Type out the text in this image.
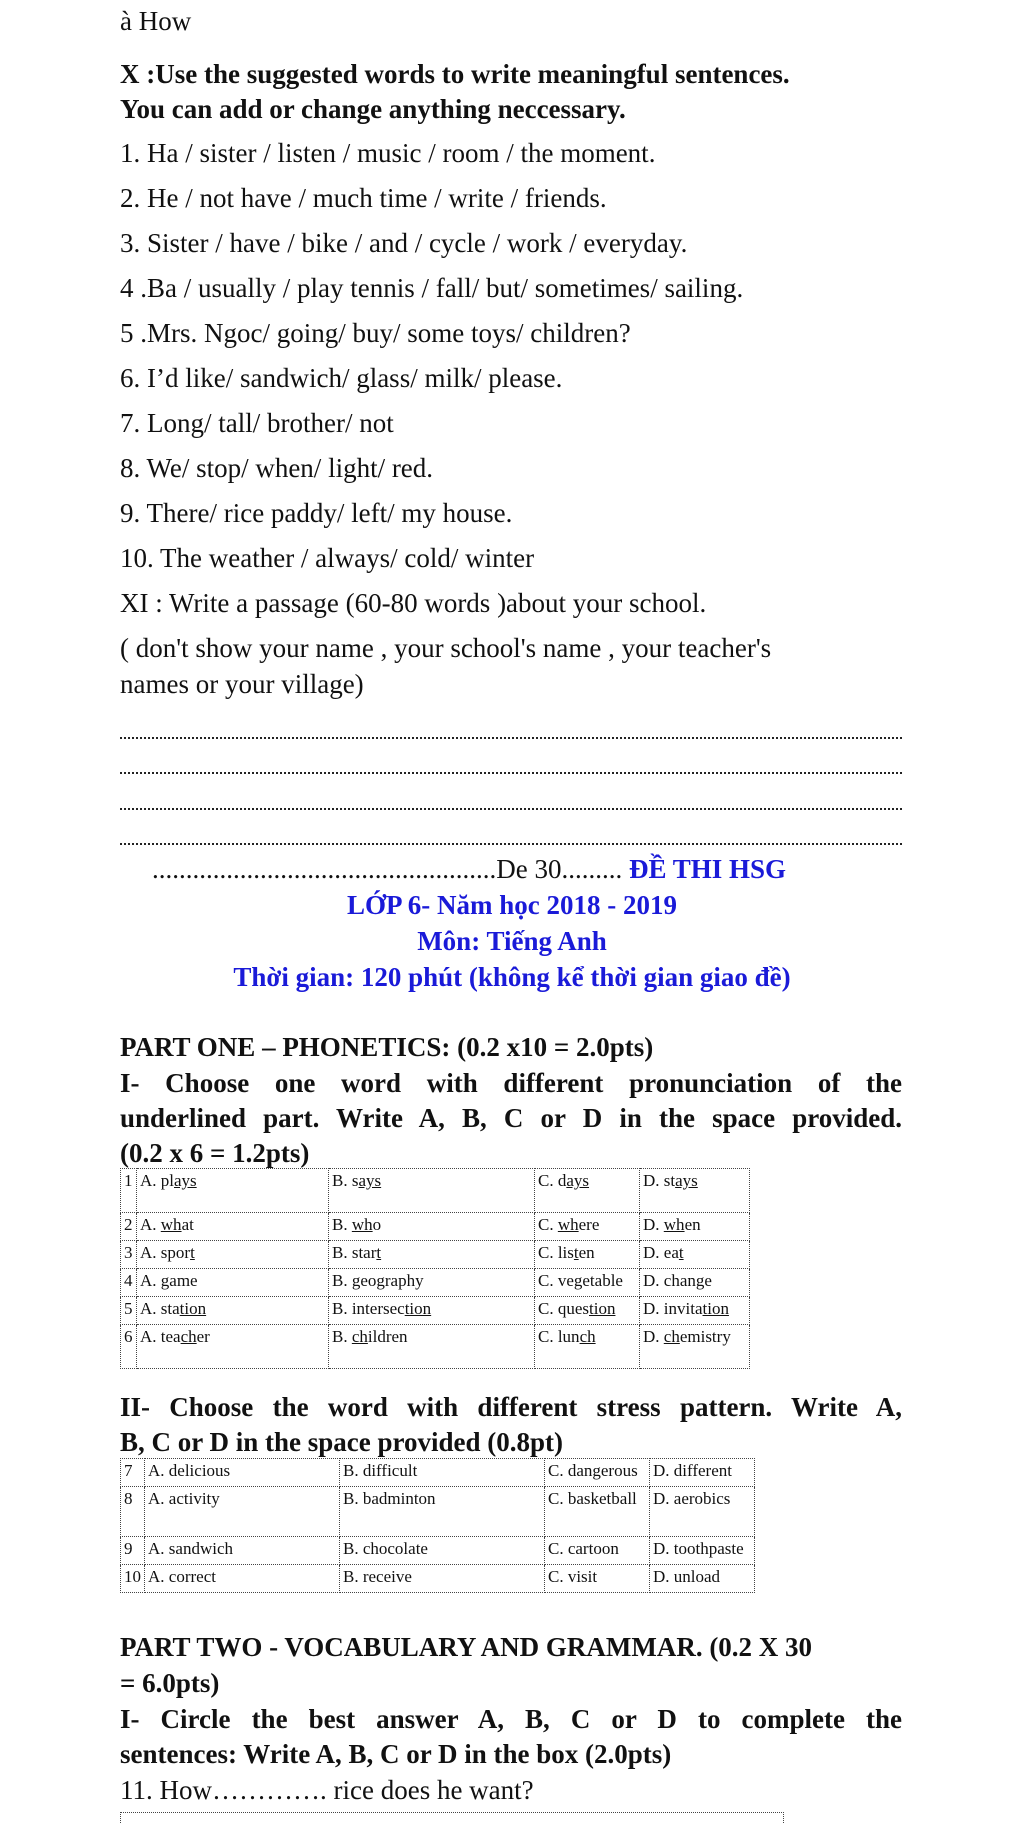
à How
X :Use the suggested words to write meaningful sentences.
You can add or change anything neccessary.
1. Ha / sister / listen / music / room / the moment.
2. He / not have / much time / write / friends.
3. Sister / have / bike / and / cycle / work / everyday.
4 .Ba / usually / play tennis / fall/ but/ sometimes/ sailing.
5 .Mrs. Ngoc/ going/ buy/ some toys/ children?
6. I’d like/ sandwich/ glass/ milk/ please.
7. Long/ tall/ brother/ not
8. We/ stop/ when/ light/ red.
9. There/ rice paddy/ left/ my house.
10. The weather / always/ cold/ winter
XI : Write a passage (60-80 words )about your school.
( don't show your name , your school's name , your teacher's
names or your village)
...................................................De 30......... ĐỀ THI HSG
LỚP 6- Năm học 2018 - 2019
Môn: Tiếng Anh
Thời gian: 120 phút (không kể thời gian giao đề)
PART ONE – PHONETICS: (0.2 x10 = 2.0pts)
I- Choose one word with different pronunciation of the
underlined part. Write A, B, C or D in the space provided.
(0.2 x 6 = 1.2pts)
1	A. plays	B. says	C. days	D. stays
2	A. what	B. who	C. where	D. when
3	A. sport	B. start	C. listen	D. eat
4	A. game	B. geography	C. vegetable	D. change
5	A. station	B. intersection	C. question	D. invitation
6	A. teacher	B. children	C. lunch	D. chemistry
II- Choose the word with different stress pattern. Write A,
B, C or D in the space provided (0.8pt)
7	A. delicious	B. difficult	C. dangerous	D. different
8	A. activity	B. badminton	C. basketball	D. aerobics
9	A. sandwich	B. chocolate	C. cartoon	D. toothpaste
10	A. correct	B. receive	C. visit	D. unload
PART TWO - VOCABULARY AND GRAMMAR. (0.2 X 30
= 6.0pts)
I- Circle the best answer A, B, C or D to complete the
sentences: Write A, B, C or D in the box (2.0pts)
11. How…………. rice does he want?
